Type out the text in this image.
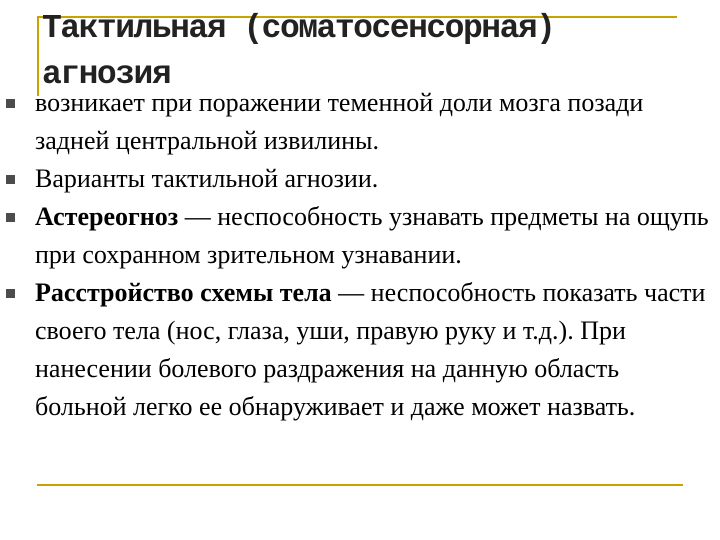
Тактильная (соматосенсорная) агнозия
возникает при поражении теменной доли мозга позади задней центральной извилины.
Варианты тактильной агнозии.
Астереогноз — неспособность узнавать предметы на ощупь при сохранном зрительном узнавании.
Расстройство схемы тела — неспособность показать части своего тела (нос, глаза, уши, правую руку и т.д.). При нанесении болевого раздражения на данную область больной легко ее обнаруживает и даже может назвать.
